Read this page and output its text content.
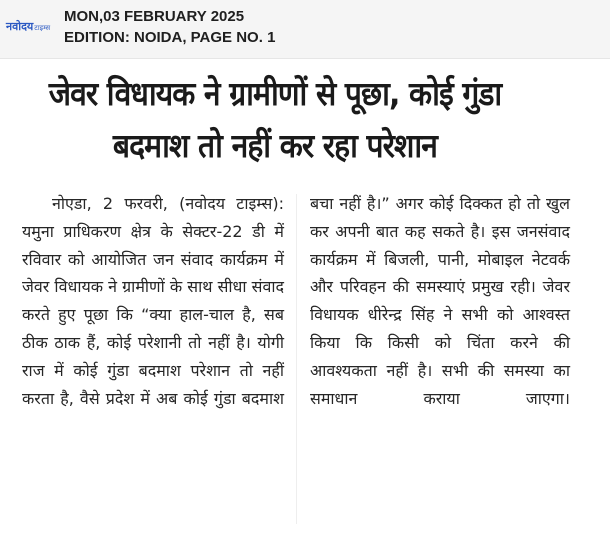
नवोदयटाइम्स
MON,03 FEBRUARY 2025
EDITION: NOIDA, PAGE NO. 1
जेवर विधायक ने ग्रामीणों से पूछा, कोई गुंडा बदमाश तो नहीं कर रहा परेशान

नोएडा, 2 फरवरी, (नवोदय टाइम्स): यमुना प्राधिकरण क्षेत्र के सेक्टर-22 डी में रविवार को आयोजित जन संवाद कार्यक्रम में जेवर विधायक ने ग्रामीणों के साथ सीधा संवाद करते हुए पूछा कि “क्या हाल-चाल है, सब ठीक ठाक हैं, कोई परेशानी तो नहीं है। योगी राज में कोई गुंडा बदमाश परेशान तो नहीं करता है, वैसे प्रदेश में अब कोई गुंडा बदमाश

बचा नहीं है।” अगर कोई दिक्कत हो तो खुल कर अपनी बात कह सकते है। इस जनसंवाद कार्यक्रम में बिजली, पानी, मोबाइल नेटवर्क और परिवहन की समस्याएं प्रमुख रही। जेवर विधायक धीरेन्द्र सिंह ने सभी को आश्वस्त किया कि किसी को चिंता करने की आवश्यकता नहीं है। सभी की समस्या का समाधान कराया जाएगा।
